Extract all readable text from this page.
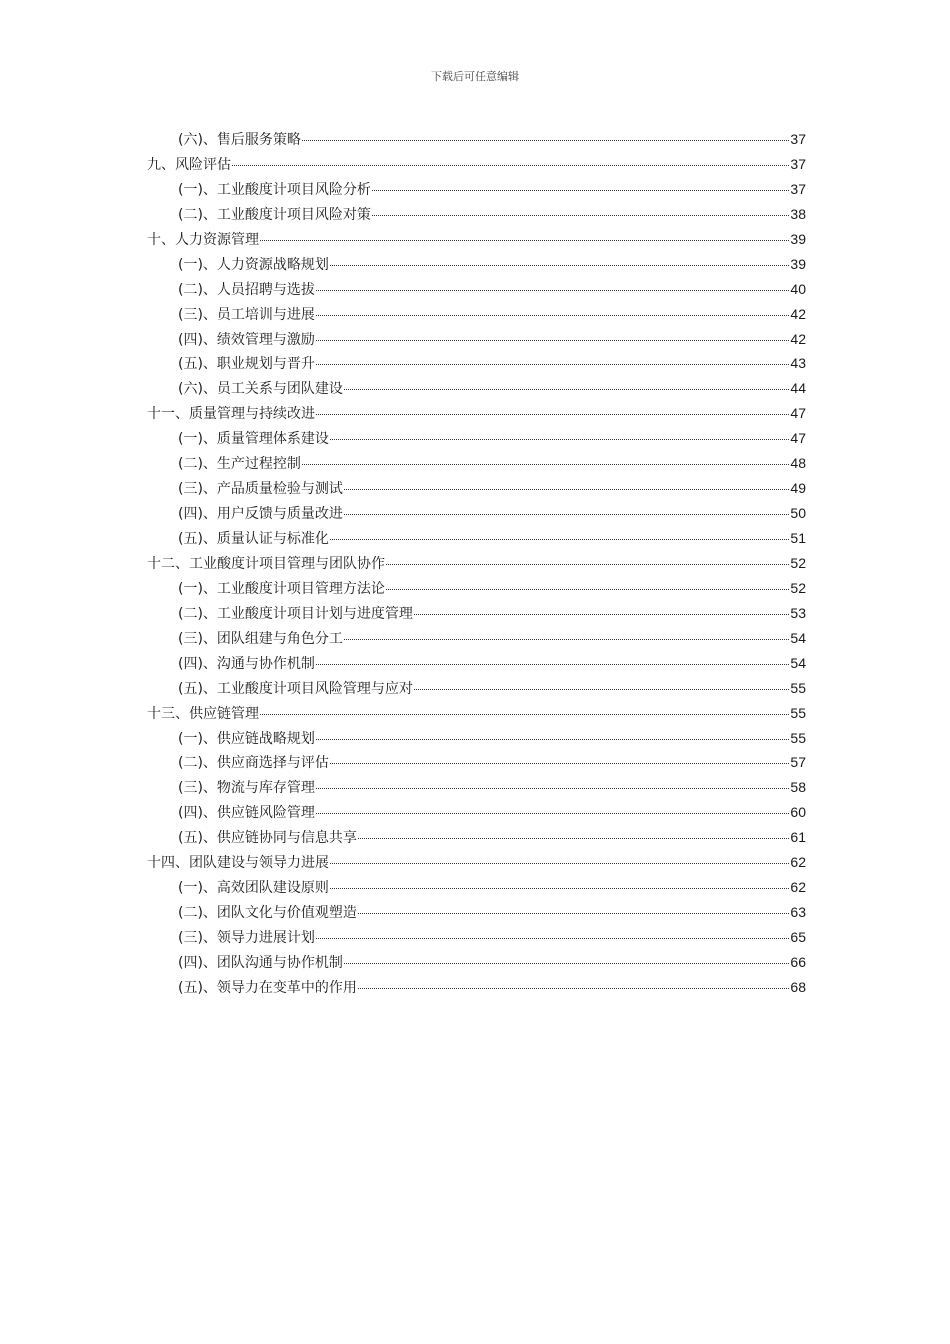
下载后可任意编辑
(六)、售后服务策略	37
九、风险评估	37
(一)、工业酸度计项目风险分析	37
(二)、工业酸度计项目风险对策	38
十、人力资源管理	39
(一)、人力资源战略规划	39
(二)、人员招聘与选拔	40
(三)、员工培训与进展	42
(四)、绩效管理与激励	42
(五)、职业规划与晋升	43
(六)、员工关系与团队建设	44
十一、质量管理与持续改进	47
(一)、质量管理体系建设	47
(二)、生产过程控制	48
(三)、产品质量检验与测试	49
(四)、用户反馈与质量改进	50
(五)、质量认证与标准化	51
十二、工业酸度计项目管理与团队协作	52
(一)、工业酸度计项目管理方法论	52
(二)、工业酸度计项目计划与进度管理	53
(三)、团队组建与角色分工	54
(四)、沟通与协作机制	54
(五)、工业酸度计项目风险管理与应对	55
十三、供应链管理	55
(一)、供应链战略规划	55
(二)、供应商选择与评估	57
(三)、物流与库存管理	58
(四)、供应链风险管理	60
(五)、供应链协同与信息共享	61
十四、团队建设与领导力进展	62
(一)、高效团队建设原则	62
(二)、团队文化与价值观塑造	63
(三)、领导力进展计划	65
(四)、团队沟通与协作机制	66
(五)、领导力在变革中的作用	68
